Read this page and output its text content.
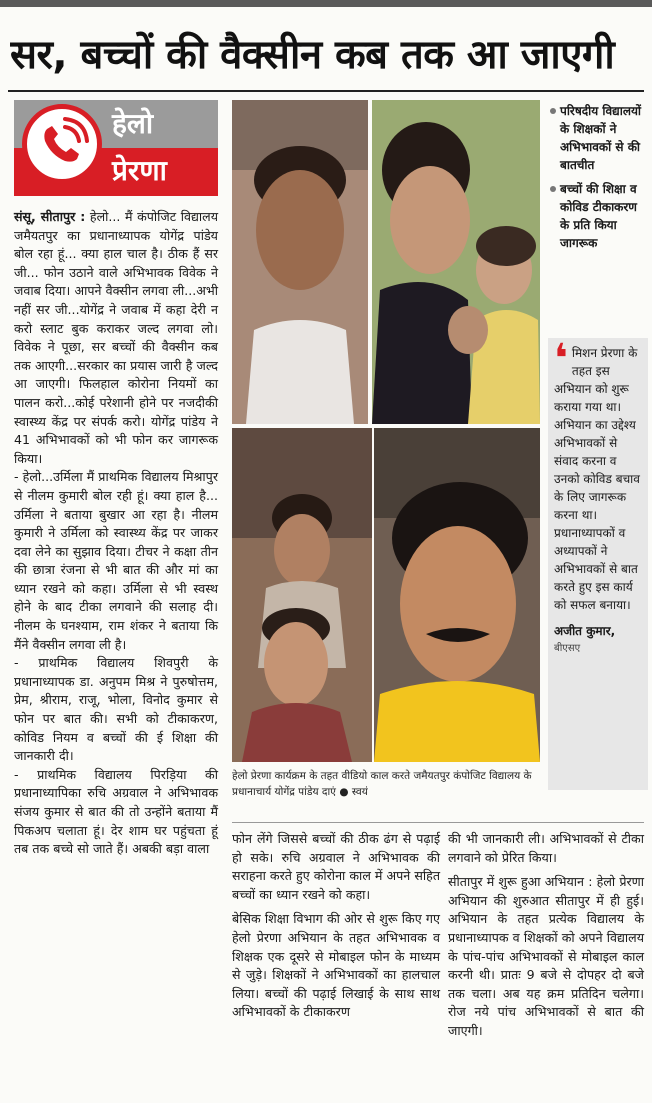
सर, बच्चों की वैक्सीन कब तक आ जाएगी
हेलो
प्रेरणा

संसू, सीतापुर : हेलो... मैं कंपोजिट विद्यालय जमैयतपुर का प्रधानाध्यापक योगेंद्र पांडेय बोल रहा हूं... क्या हाल चाल है। ठीक हैं सर जी... फोन उठाने वाले अभिभावक विवेक ने जवाब दिया। आपने वैक्सीन लगवा ली...अभी नहीं सर जी...योगेंद्र ने जवाब में कहा देरी न करो स्लाट बुक कराकर जल्द लगवा लो। विवेक ने पूछा, सर बच्चों की वैक्सीन कब तक आएगी...सरकार का प्रयास जारी है जल्द आ जाएगी। फिलहाल कोरोना नियमों का पालन करो...कोई परेशानी होने पर नजदीकी स्वास्थ्य केंद्र पर संपर्क करो। योगेंद्र पांडेय ने 41 अभिभावकों को भी फोन कर जागरूक किया।

- हेलो...उर्मिला मैं प्राथमिक विद्यालय मिश्रापुर से नीलम कुमारी बोल रही हूं। क्या हाल है... उर्मिला ने बताया बुखार आ रहा है। नीलम कुमारी ने उर्मिला को स्वास्थ्य केंद्र पर जाकर दवा लेने का सुझाव दिया। टीचर ने कक्षा तीन की छात्रा रंजना से भी बात की और मां का ध्यान रखने को कहा। उर्मिला से भी स्वस्थ होने के बाद टीका लगवाने की सलाह दी। नीलम के घनश्याम, राम शंकर ने बताया कि मैंने वैक्सीन लगवा ली है।

- प्राथमिक विद्यालय शिवपुरी के प्रधानाध्यापक डा. अनुपम मिश्र ने पुरुषोत्तम, प्रेम, श्रीराम, राजू, भोला, विनोद कुमार से फोन पर बात की। सभी को टीकाकरण, कोविड नियम व बच्चों की ई शिक्षा की जानकारी दी।

- प्राथमिक विद्यालय पिरड़िया की प्रधानाध्यापिका रुचि अग्रवाल ने अभिभावक संजय कुमार से बात की तो उन्होंने बताया मैं पिकअप चलाता हूं। देर शाम घर पहुंचता हूं तब तक बच्चे सो जाते हैं। अबकी बड़ा वाला

हेलो प्रेरणा कार्यक्रम के तहत वीडियो काल करते जमैयतपुर कंपोजिट विद्यालय के प्रधानाचार्य योगेंद्र पांडेय दाएं ● स्वयं

परिषदीय विद्यालयों के शिक्षकों ने अभिभावकों से की बातचीत

बच्चों की शिक्षा व कोविड टीकाकरण के प्रति किया जागरूक

❛ मिशन प्रेरणा के तहत इस अभियान को शुरू कराया गया था। अभियान का उद्देश्य अभिभावकों से संवाद करना व उनको कोविड बचाव के लिए जागरूक करना था। प्रधानाध्यापकों व अध्यापकों ने अभिभावकों से बात करते हुए इस कार्य को सफल बनाया।

अजीत कुमार,

बीएसए

फोन लेंगे जिससे बच्चों की ठीक ढंग से पढ़ाई हो सके। रुचि अग्रवाल ने अभिभावक की सराहना करते हुए कोरोना काल में अपने सहित बच्चों का ध्यान रखने को कहा।

बेसिक शिक्षा विभाग की ओर से शुरू किए गए हेलो प्रेरणा अभियान के तहत अभिभावक व शिक्षक एक दूसरे से मोबाइल फोन के माध्यम से जुड़े। शिक्षकों ने अभिभावकों का हालचाल लिया। बच्चों की पढ़ाई लिखाई के साथ साथ अभिभावकों के टीकाकरण

की भी जानकारी ली। अभिभावकों से टीका लगवाने को प्रेरित किया।

सीतापुर में शुरू हुआ अभियान : हेलो प्रेरणा अभियान की शुरुआत सीतापुर में ही हुई। अभियान के तहत प्रत्येक विद्यालय के प्रधानाध्यापक व शिक्षकों को अपने विद्यालय के पांच-पांच अभिभावकों से मोबाइल काल करनी थी। प्रातः 9 बजे से दोपहर दो बजे तक चला। अब यह क्रम प्रतिदिन चलेगा। रोज नये पांच अभिभावकों से बात की जाएगी।
